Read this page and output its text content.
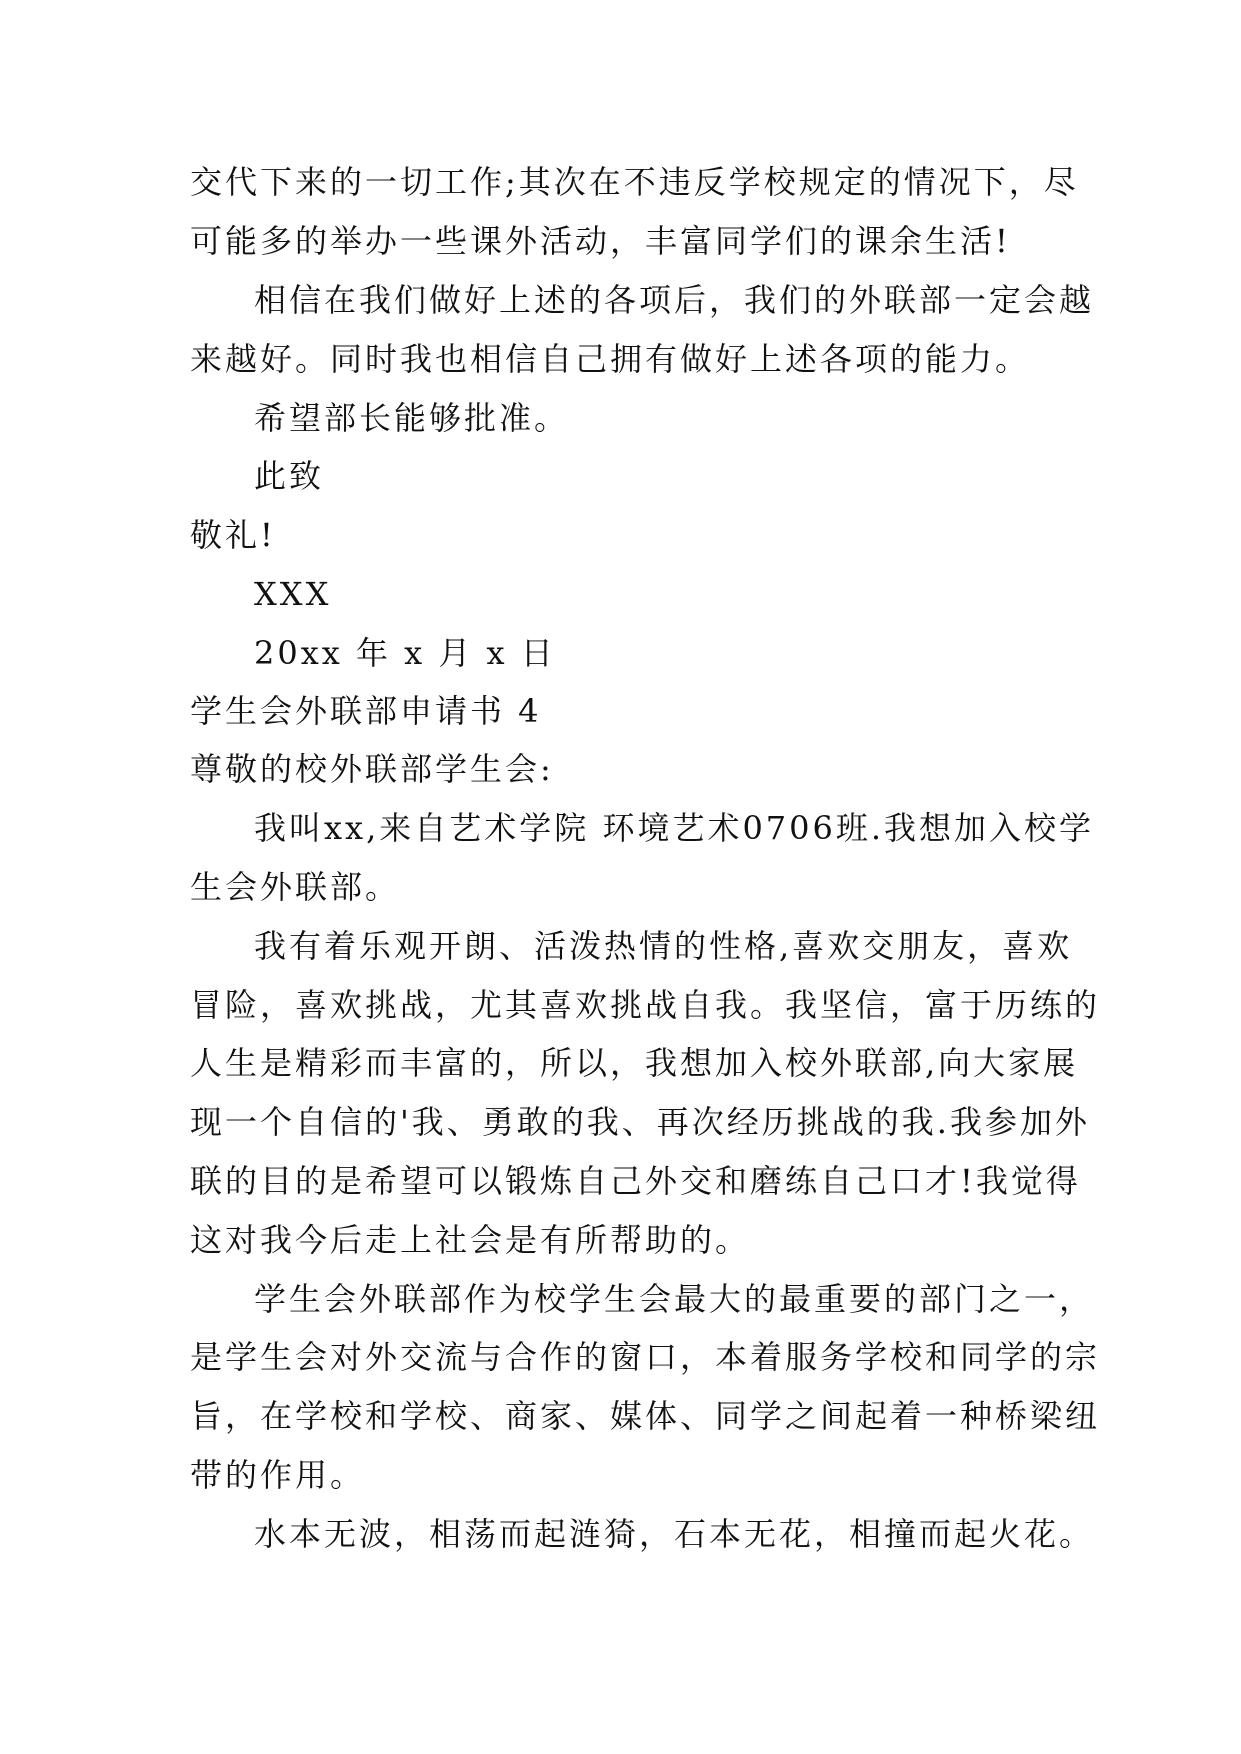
交代下来的一切工作;其次在不违反学校规定的情况下，尽
可能多的举办一些课外活动，丰富同学们的课余生活!
相信在我们做好上述的各项后，我们的外联部一定会越
来越好。同时我也相信自己拥有做好上述各项的能力。
希望部长能够批准。
此致
敬礼!
XXX
20xx 年 x 月 x 日
学生会外联部申请书 4
尊敬的校外联部学生会:
我叫xx,来自艺术学院 环境艺术0706班.我想加入校学
生会外联部。
我有着乐观开朗、活泼热情的性格,喜欢交朋友，喜欢
冒险，喜欢挑战，尤其喜欢挑战自我。我坚信，富于历练的
人生是精彩而丰富的，所以，我想加入校外联部,向大家展
现一个自信的'我、勇敢的我、再次经历挑战的我.我参加外
联的目的是希望可以锻炼自己外交和磨练自己口才!我觉得
这对我今后走上社会是有所帮助的。
学生会外联部作为校学生会最大的最重要的部门之一，
是学生会对外交流与合作的窗口，本着服务学校和同学的宗
旨，在学校和学校、商家、媒体、同学之间起着一种桥梁纽
带的作用。
水本无波，相荡而起涟猗，石本无花，相撞而起火花。
